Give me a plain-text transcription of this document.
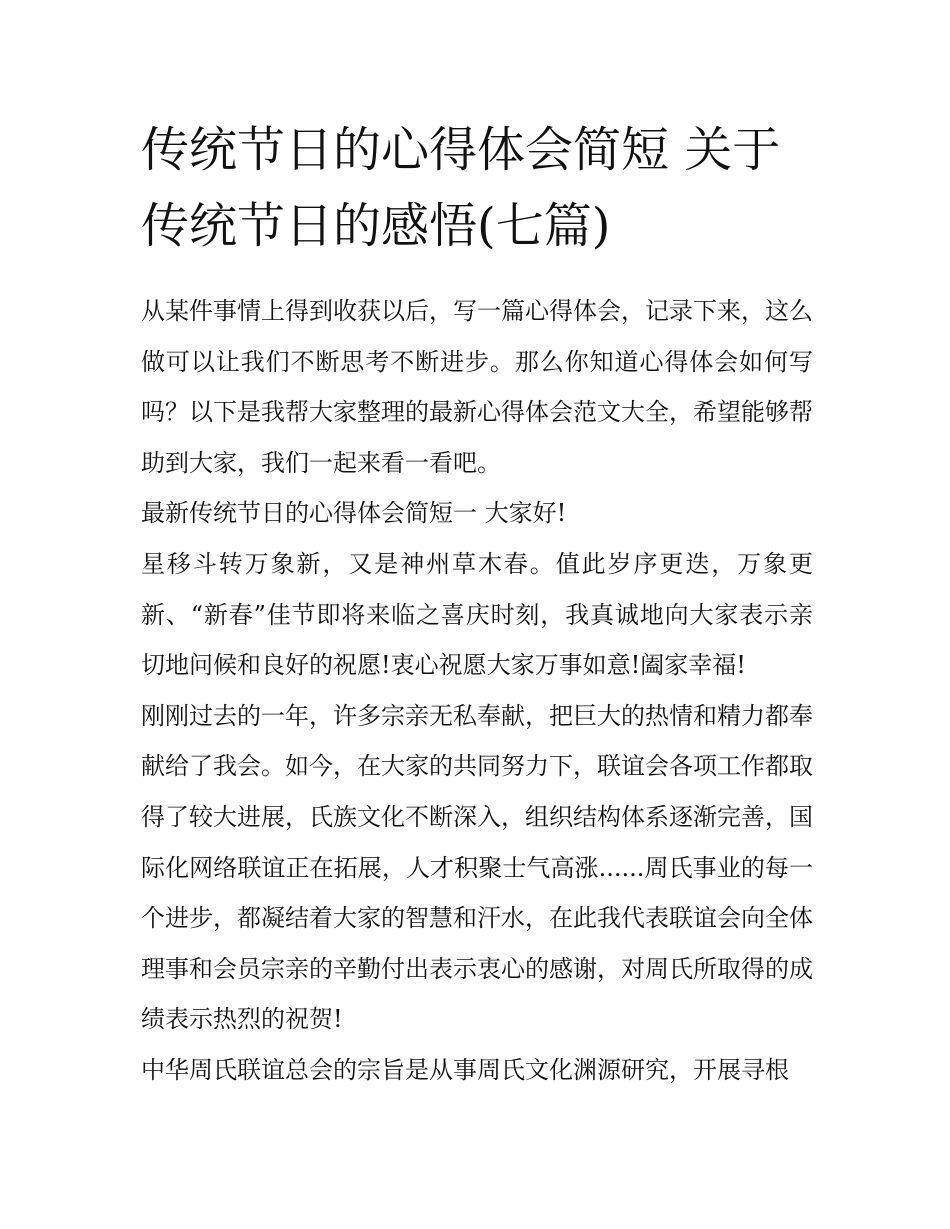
传统节日的心得体会简短 关于
传统节日的感悟(七篇)

从某件事情上得到收获以后，写一篇心得体会，记录下来，这么做可以让我们不断思考不断进步。那么你知道心得体会如何写吗？以下是我帮大家整理的最新心得体会范文大全，希望能够帮助到大家，我们一起来看一看吧。

最新传统节日的心得体会简短一 大家好!

星移斗转万象新，又是神州草木春。值此岁序更迭，万象更新、“新春”佳节即将来临之喜庆时刻，我真诚地向大家表示亲切地问候和良好的祝愿!衷心祝愿大家万事如意!阖家幸福!

刚刚过去的一年，许多宗亲无私奉献，把巨大的热情和精力都奉献给了我会。如今，在大家的共同努力下，联谊会各项工作都取得了较大进展，氏族文化不断深入，组织结构体系逐渐完善，国际化网络联谊正在拓展，人才积聚士气高涨......周氏事业的每一个进步，都凝结着大家的智慧和汗水，在此我代表联谊会向全体理事和会员宗亲的辛勤付出表示衷心的感谢，对周氏所取得的成绩表示热烈的祝贺!

中华周氏联谊总会的宗旨是从事周氏文化渊源研究，开展寻根
